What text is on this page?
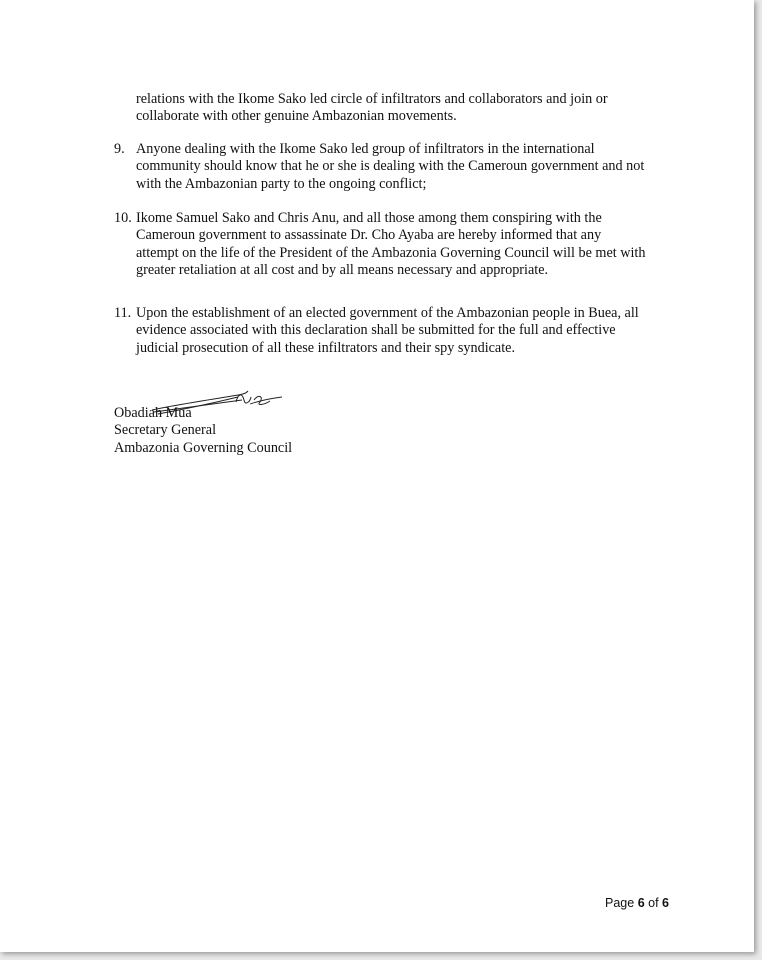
relations with the Ikome Sako led circle of infiltrators and collaborators and join or
collaborate with other genuine Ambazonian movements.
9. Anyone dealing with the Ikome Sako led group of infiltrators in the international
community should know that he or she is dealing with the Cameroun government and not
with the Ambazonian party to the ongoing conflict;
10. Ikome Samuel Sako and Chris Anu, and all those among them conspiring with the
Cameroun government to assassinate Dr. Cho Ayaba are hereby informed that any
attempt on the life of the President of the Ambazonia Governing Council will be met with
greater retaliation at all cost and by all means necessary and appropriate.
11. Upon the establishment of an elected government of the Ambazonian people in Buea, all
evidence associated with this declaration shall be submitted for the full and effective
judicial prosecution of all these infiltrators and their spy syndicate.
Obadiah Mua
Secretary General
Ambazonia Governing Council
Page 6 of 6
